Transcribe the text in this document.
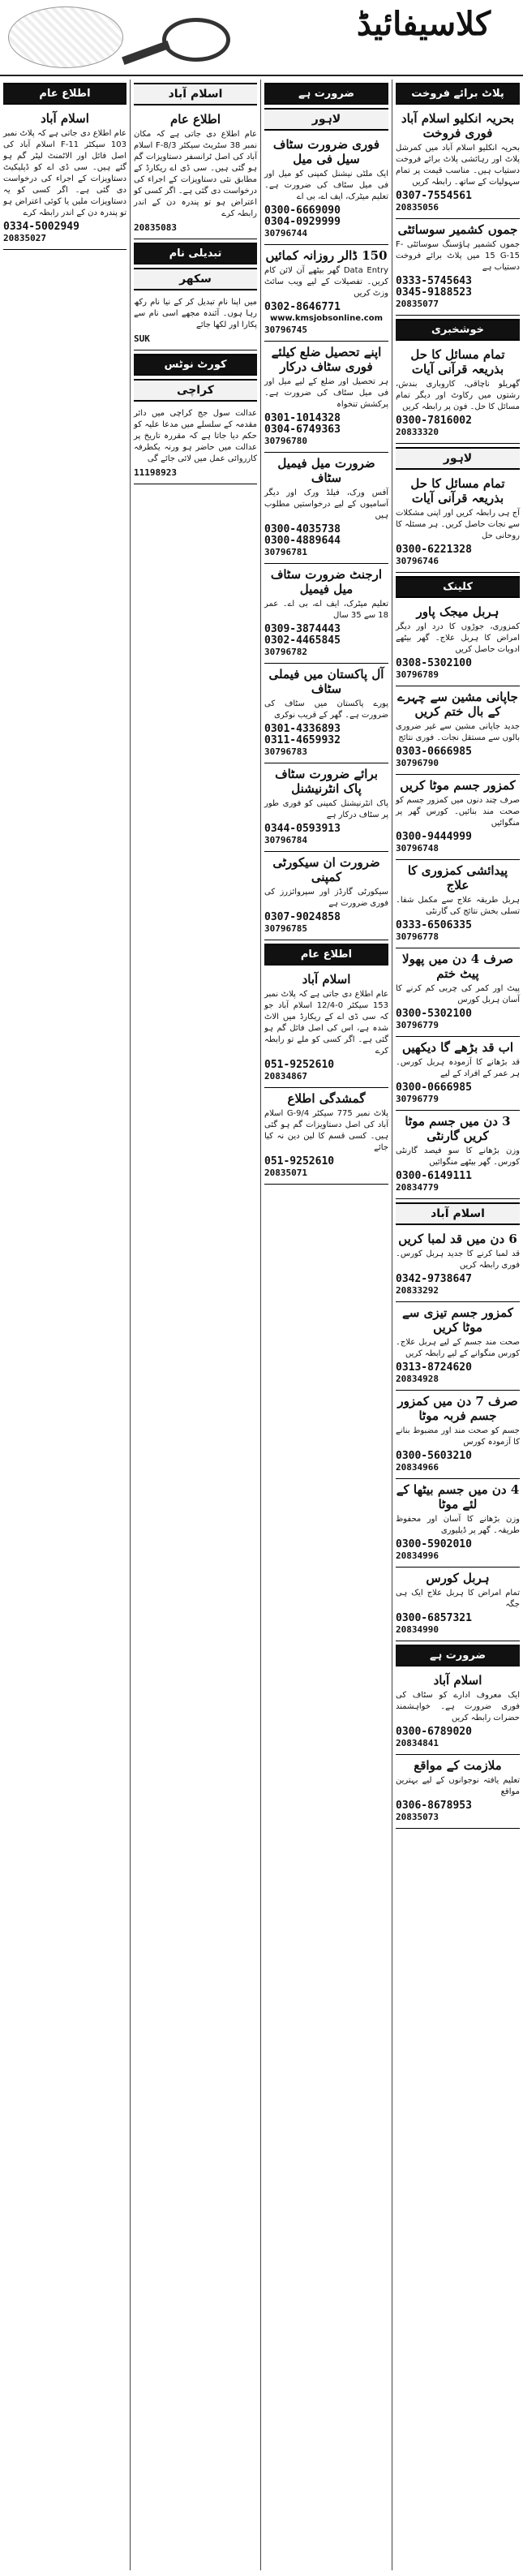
کلاسیفائیڈ
پلاٹ برائے فروخت
بحریہ انکلیو اسلام آباد فوری فروخت

بحریہ انکلیو اسلام آباد میں کمرشل پلاٹ اور رہائشی پلاٹ برائے فروخت دستیاب ہیں۔ مناسب قیمت پر تمام سہولیات کے ساتھ۔ رابطہ کریں

0307-7554561
20835056
جموں کشمیر سوسائٹی

جموں کشمیر ہاؤسنگ سوسائٹی F-15 G-15 میں پلاٹ برائے فروخت دستیاب ہے

0333-5745643
0345-9188523
20835077
خوشخبری
تمام مسائل کا حل بذریعہ قرآنی آیات

گھریلو ناچاقی، کاروباری بندش، رشتوں میں رکاوٹ اور دیگر تمام مسائل کا حل۔ فون پر رابطہ کریں

0300-7816002
20833320
لاہور
تمام مسائل کا حل بذریعہ قرآنی آیات

آج ہی رابطہ کریں اور اپنی مشکلات سے نجات حاصل کریں۔ ہر مسئلہ کا روحانی حل

0300-6221328
30796746
کلینک
ہربل میجک پاور

کمزوری، جوڑوں کا درد اور دیگر امراض کا ہربل علاج۔ گھر بیٹھے ادویات حاصل کریں

0308-5302100
30796789
جاپانی مشین سے چہرے کے بال ختم کریں

جدید جاپانی مشین سے غیر ضروری بالوں سے مستقل نجات۔ فوری نتائج

0303-0666985
30796790
کمزور جسم موٹا کریں

صرف چند دنوں میں کمزور جسم کو صحت مند بنائیں۔ کورس گھر پر منگوائیں

0300-9444999
30796748
پیدائشی کمزوری کا علاج

ہربل طریقہ علاج سے مکمل شفا۔ تسلی بخش نتائج کی گارنٹی

0333-6506335
30796778
صرف 4 دن میں پھولا پیٹ ختم

پیٹ اور کمر کی چربی کم کرنے کا آسان ہربل کورس

0300-5302100
30796779
اب قد بڑھے گا دیکھیں

قد بڑھانے کا آزمودہ ہربل کورس۔ ہر عمر کے افراد کے لیے

0300-0666985
30796779
3 دن میں جسم موٹا کریں گارنٹی

وزن بڑھانے کا سو فیصد گارنٹی کورس۔ گھر بیٹھے منگوائیں

0300-6149111
20834779
اسلام آباد
6 دن میں قد لمبا کریں

قد لمبا کرنے کا جدید ہربل کورس۔ فوری رابطہ کریں

0342-9738647
20833292
کمزور جسم تیزی سے موٹا کریں

صحت مند جسم کے لیے ہربل علاج۔ کورس منگوانے کے لیے رابطہ کریں

0313-8724620
20834928
صرف 7 دن میں کمزور جسم فربہ موٹا

جسم کو صحت مند اور مضبوط بنانے کا آزمودہ کورس

0300-5603210
20834966
4 دن میں جسم بیٹھا کے لئے موٹا

وزن بڑھانے کا آسان اور محفوظ طریقہ۔ گھر پر ڈیلیوری

0300-5902010
20834996
ہربل کورس

تمام امراض کا ہربل علاج ایک ہی جگہ

0300-6857321
20834990
ضرورت ہے
اسلام آباد

ایک معروف ادارے کو سٹاف کی فوری ضرورت ہے۔ خواہشمند حضرات رابطہ کریں

0300-6789020
20834841
ملازمت کے مواقع

تعلیم یافتہ نوجوانوں کے لیے بہترین مواقع

0306-8678953
20835073
ضرورت ہے
لاہور
فوری ضرورت سٹاف سیل فی میل

ایک ملٹی نیشنل کمپنی کو میل اور فی میل سٹاف کی ضرورت ہے۔ تعلیم میٹرک، ایف اے، بی اے

0300-6669090
0304-0929999
30796744
150 ڈالر روزانہ کمائیں

Data Entry گھر بیٹھے آن لائن کام کریں۔ تفصیلات کے لیے ویب سائٹ وزٹ کریں

0302-8646771
www.kmsjobsonline.com
30796745
اپنے تحصیل ضلع کیلئے فوری سٹاف درکار

ہر تحصیل اور ضلع کے لیے میل اور فی میل سٹاف کی ضرورت ہے۔ پرکشش تنخواہ

0301-1014328
0304-6749363
30796780
ضرورت میل فیمیل سٹاف

آفس ورک، فیلڈ ورک اور دیگر آسامیوں کے لیے درخواستیں مطلوب ہیں

0300-4035738
0300-4889644
30796781
ارجنٹ ضرورت سٹاف میل فیمیل

تعلیم میٹرک، ایف اے، بی اے۔ عمر 18 سے 35 سال

0309-3874443
0302-4465845
30796782
آل پاکستان میں فیملی سٹاف

پورے پاکستان میں سٹاف کی ضرورت ہے۔ گھر کے قریب نوکری

0301-4336893
0311-4659932
30796783
برائے ضرورت سٹاف پاک انٹرنیشنل

پاک انٹرنیشنل کمپنی کو فوری طور پر سٹاف درکار ہے

0344-0593913
30796784
ضرورت ان سیکورٹی کمپنی

سیکورٹی گارڈز اور سپروائزرز کی فوری ضرورت ہے

0307-9024858
30796785
اطلاع عام
اسلام آباد

عام اطلاع دی جاتی ہے کہ پلاٹ نمبر 153 سیکٹر 0-12/4 اسلام آباد جو کہ سی ڈی اے کے ریکارڈ میں الاٹ شدہ ہے، اس کی اصل فائل گم ہو گئی ہے۔ اگر کسی کو ملے تو رابطہ کرے

051-9252610
20834867
گمشدگی اطلاع

پلاٹ نمبر 775 سیکٹر G-9/4 اسلام آباد کی اصل دستاویزات گم ہو گئی ہیں۔ کسی قسم کا لین دین نہ کیا جائے

051-9252610
20835071
اسلام آباد
اطلاع عام

عام اطلاع دی جاتی ہے کہ مکان نمبر 38 سٹریٹ سیکٹر F-8/3 اسلام آباد کی اصل ٹرانسفر دستاویزات گم ہو گئی ہیں۔ سی ڈی اے ریکارڈ کے مطابق نئی دستاویزات کے اجراء کی درخواست دی گئی ہے۔ اگر کسی کو اعتراض ہو تو پندرہ دن کے اندر رابطہ کرے

20835083
تبدیلی نام
سکھر

میں اپنا نام تبدیل کر کے نیا نام رکھ رہا ہوں۔ آئندہ مجھے اسی نام سے پکارا اور لکھا جائے

SUK
کورٹ نوٹس
کراچی

عدالت سول جج کراچی میں دائر مقدمہ کے سلسلے میں مدعا علیہ کو حکم دیا جاتا ہے کہ مقررہ تاریخ پر عدالت میں حاضر ہو ورنہ یکطرفہ کارروائی عمل میں لائی جائے گی

11198923
اطلاع عام
اسلام آباد

عام اطلاع دی جاتی ہے کہ پلاٹ نمبر 103 سیکٹر F-11 اسلام آباد کی اصل فائل اور الاٹمنٹ لیٹر گم ہو گئے ہیں۔ سی ڈی اے کو ڈپلیکیٹ دستاویزات کے اجراء کی درخواست دی گئی ہے۔ اگر کسی کو یہ دستاویزات ملیں یا کوئی اعتراض ہو تو پندرہ دن کے اندر رابطہ کرے

0334-5002949
20835027
